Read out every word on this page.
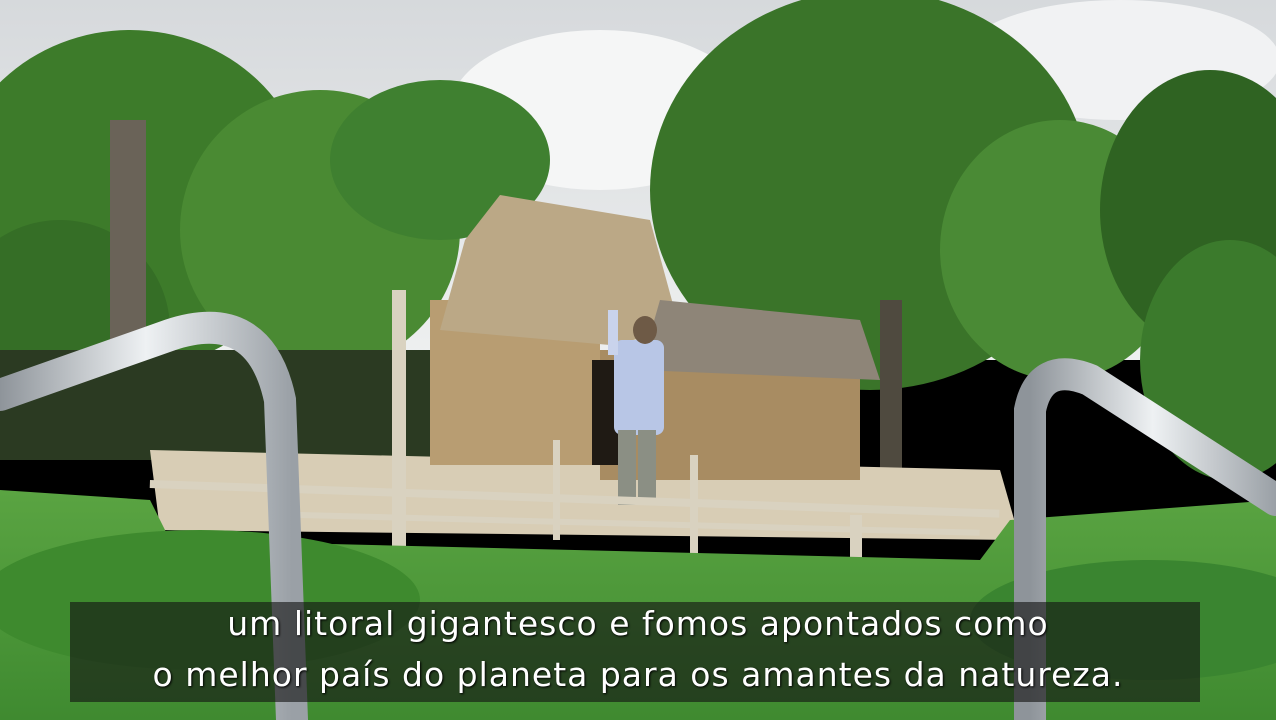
um litoral gigantesco e fomos apontados como
o melhor país do planeta para os amantes da natureza.
